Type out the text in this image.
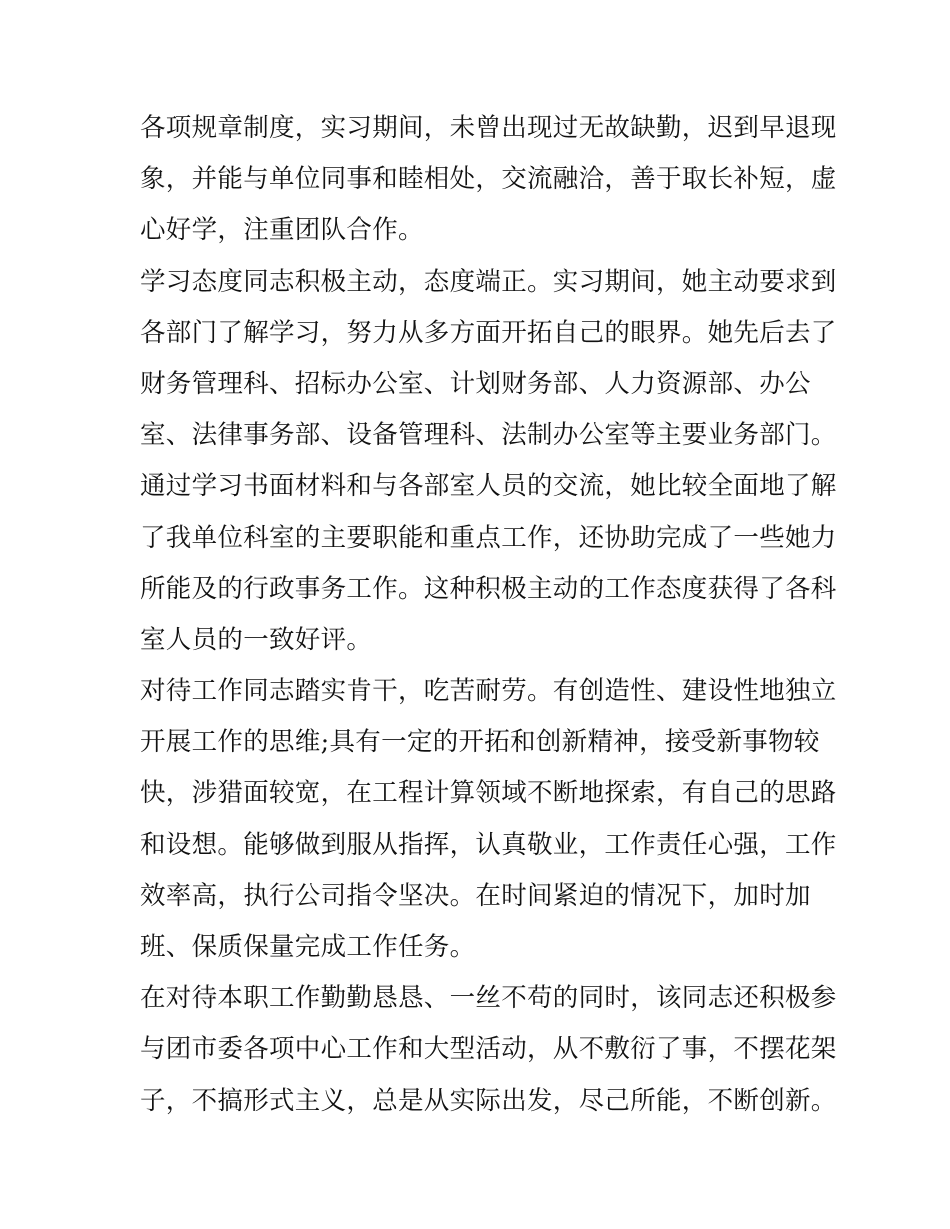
各项规章制度，实习期间，未曾出现过无故缺勤，迟到早退现
象，并能与单位同事和睦相处，交流融洽，善于取长补短，虚
心好学，注重团队合作。
学习态度同志积极主动，态度端正。实习期间，她主动要求到
各部门了解学习，努力从多方面开拓自己的眼界。她先后去了
财务管理科、招标办公室、计划财务部、人力资源部、办公
室、法律事务部、设备管理科、法制办公室等主要业务部门。
通过学习书面材料和与各部室人员的交流，她比较全面地了解
了我单位科室的主要职能和重点工作，还协助完成了一些她力
所能及的行政事务工作。这种积极主动的工作态度获得了各科
室人员的一致好评。
对待工作同志踏实肯干，吃苦耐劳。有创造性、建设性地独立
开展工作的思维;具有一定的开拓和创新精神，接受新事物较
快，涉猎面较宽，在工程计算领域不断地探索，有自己的思路
和设想。能够做到服从指挥，认真敬业，工作责任心强，工作
效率高，执行公司指令坚决。在时间紧迫的情况下，加时加
班、保质保量完成工作任务。
在对待本职工作勤勤恳恳、一丝不苟的同时，该同志还积极参
与团市委各项中心工作和大型活动，从不敷衍了事，不摆花架
子，不搞形式主义，总是从实际出发，尽己所能，不断创新。
